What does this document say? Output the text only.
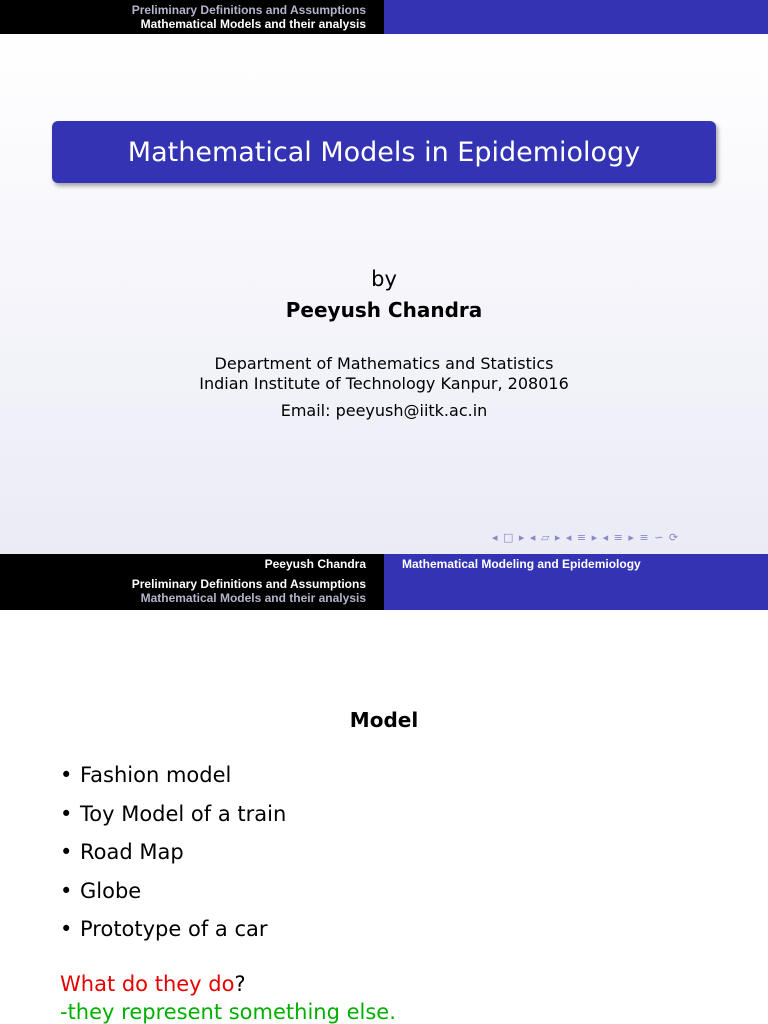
Preliminary Definitions and Assumptions
Mathematical Models and their analysis
Mathematical Models in Epidemiology
by
Peeyush Chandra
Department of Mathematics and Statistics
Indian Institute of Technology Kanpur, 208016
Email: peeyush@iitk.ac.in
◂ □ ▸ ◂ ▱ ▸ ◂ ≡ ▸ ◂ ≡ ▸ ≡ ∽ ⟳
Peeyush Chandra
Preliminary Definitions and Assumptions
Mathematical Models and their analysis
Mathematical Modeling and Epidemiology
Model
• Fashion model
• Toy Model of a train
• Road Map
• Globe
• Prototype of a car
What do they do?
-they represent something else.
